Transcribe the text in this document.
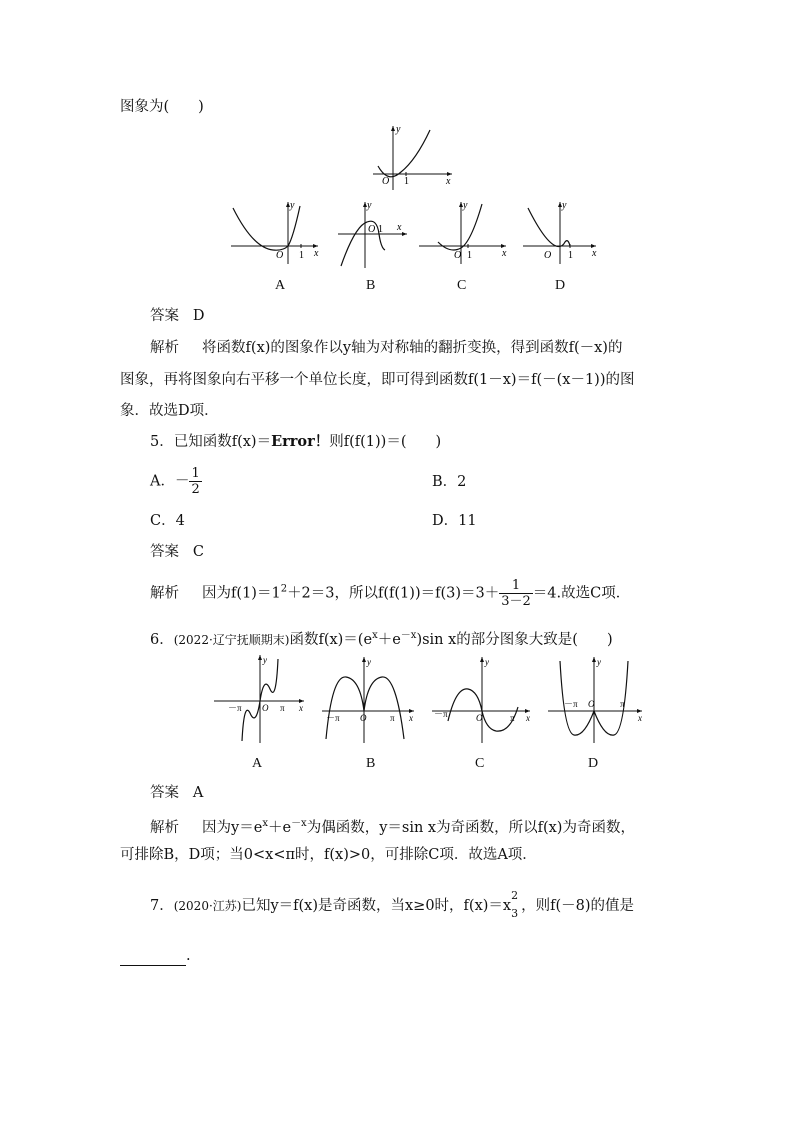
图象为(　　)
y
x
O 1
y
x
O 1
y
x
O 1
y
x
O 1
y
x
O 1
A	B	C	D
答案 D
解析 将函数f(x)的图象作以y轴为对称轴的翻折变换，得到函数f(－x)的
图象，再将图象向右平移一个单位长度，即可得到函数f(1－x)＝f(－(x－1))的图
象．故选D项．
5．已知函数f(x)＝Error！则f(f(1))＝(　　)
A．－ $\frac{1}{2}$	B．2
C．4	D．11
答案 C
解析 因为$f(1)=1^2+2=3$，所以$f(f(1))=f(3)=3+ \frac{1}{3-2} =4$.故选C项．
6．(2022·辽宁抚顺期末)函数$f(x)=(e^x+e^{-x})\sin$ x的部分图象大致是(　　)
y
x
－π O π
y
x
－π O	π
y
x
－π	O	π
y
x
－π O	π
A	B	C	D
答案 A
解析 因为$y=e^x+e^{-x}$为偶函数，y＝sin x为奇函数，所以f(x)为奇函数，
可排除B，D项；当0<x<π时，f(x)>0，可排除C项．故选A项．
7．(2020·江苏)已知y＝f(x)是奇函数，当x≥0时，f(x)＝x
2
3 ，则f(－8)的值是
.
